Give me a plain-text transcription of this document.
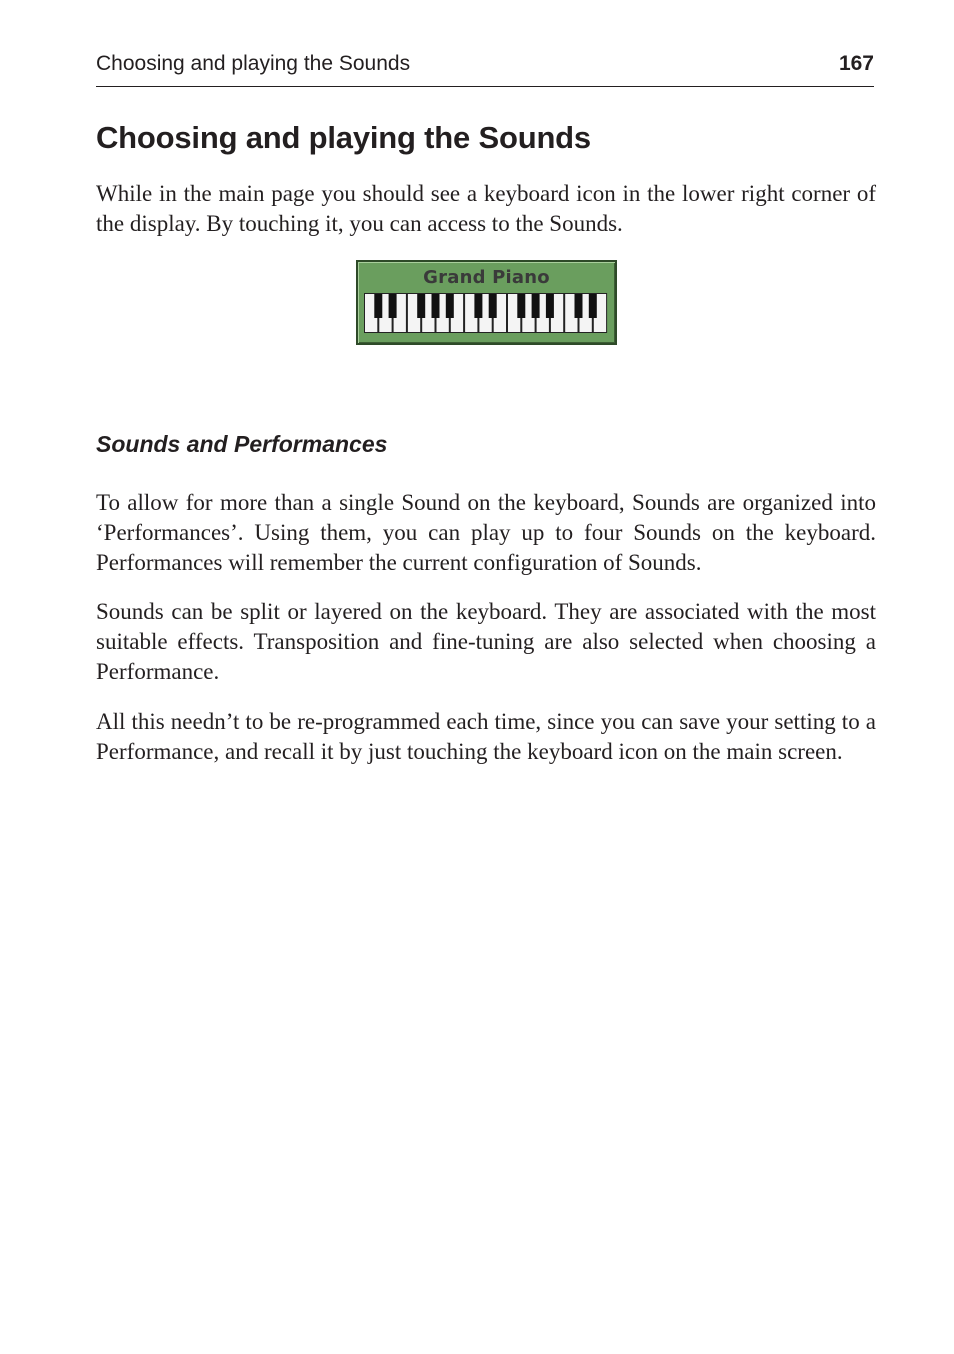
Choosing and playing the Sounds	167
Choosing and playing the Sounds

While in the main page you should see a keyboard icon in the lower right corner of the display. By touching it, you can access to the Sounds.

Grand Piano
Sounds and Performances

To allow for more than a single Sound on the keyboard, Sounds are organized into ‘Performances’. Using them, you can play up to four Sounds on the keyboard. Performances will remember the current configuration of Sounds.

Sounds can be split or layered on the keyboard. They are associated with the most suitable effects. Transposition and fine-tuning are also selected when choosing a Performance.

All this needn’t to be re-programmed each time, since you can save your setting to a Performance, and recall it by just touching the keyboard icon on the main screen.
